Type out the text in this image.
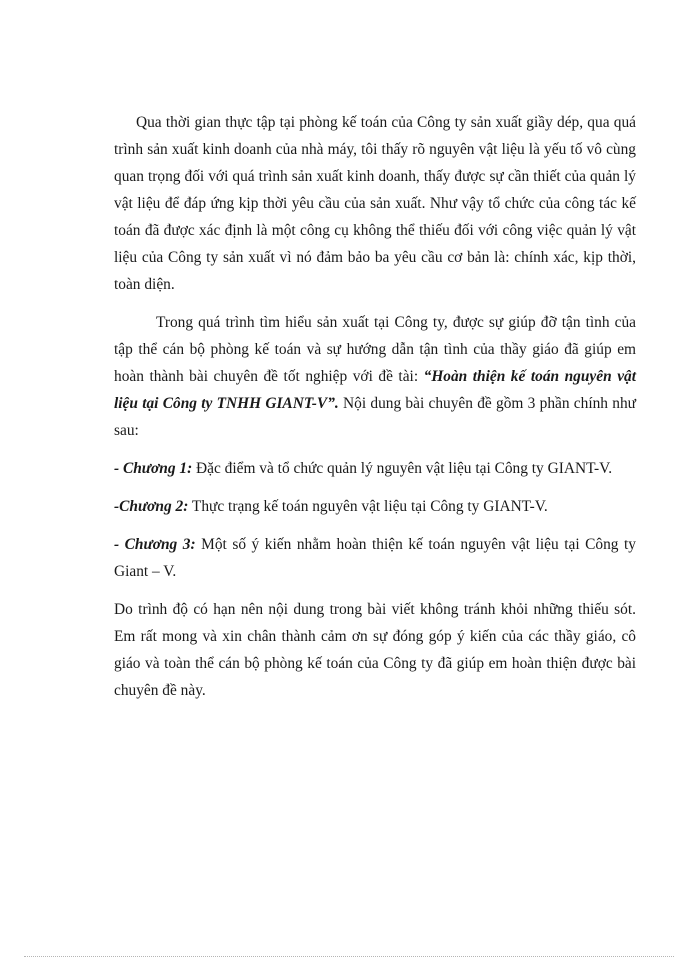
Qua thời gian thực tập tại phòng kế toán của Công ty sản xuất giầy dép, qua quá trình sản xuất kinh doanh của nhà máy, tôi thấy rõ nguyên vật liệu là yếu tố vô cùng quan trọng đối với quá trình sản xuất kinh doanh, thấy được sự cần thiết của quản lý vật liệu để đáp ứng kịp thời yêu cầu của sản xuất. Như vậy tổ chức của công tác kế toán đã được xác định là một công cụ không thể thiếu đối với công việc quản lý vật liệu của Công ty sản xuất vì nó đảm bảo ba yêu cầu cơ bản là: chính xác, kịp thời, toàn diện.

Trong quá trình tìm hiểu sản xuất tại Công ty, được sự giúp đỡ tận tình của tập thể cán bộ phòng kế toán và sự hướng dẫn tận tình của thầy giáo đã giúp em hoàn thành bài chuyên đề tốt nghiệp với đề tài: “Hoàn thiện kế toán nguyên vật liệu tại Công ty TNHH GIANT-V”. Nội dung bài chuyên đề gồm 3 phần chính như sau:

- Chương 1: Đặc điểm và tổ chức quản lý nguyên vật liệu tại Công ty GIANT-V.

-Chương 2: Thực trạng kế toán nguyên vật liệu tại Công ty GIANT-V.

- Chương 3: Một số ý kiến nhằm hoàn thiện kế toán nguyên vật liệu tại Công ty Giant – V.

Do trình độ có hạn nên nội dung trong bài viết không tránh khỏi những thiếu sót. Em rất mong và xin chân thành cảm ơn sự đóng góp ý kiến của các thầy giáo, cô giáo và toàn thể cán bộ phòng kế toán của Công ty đã giúp em hoàn thiện được bài chuyên đề này.
